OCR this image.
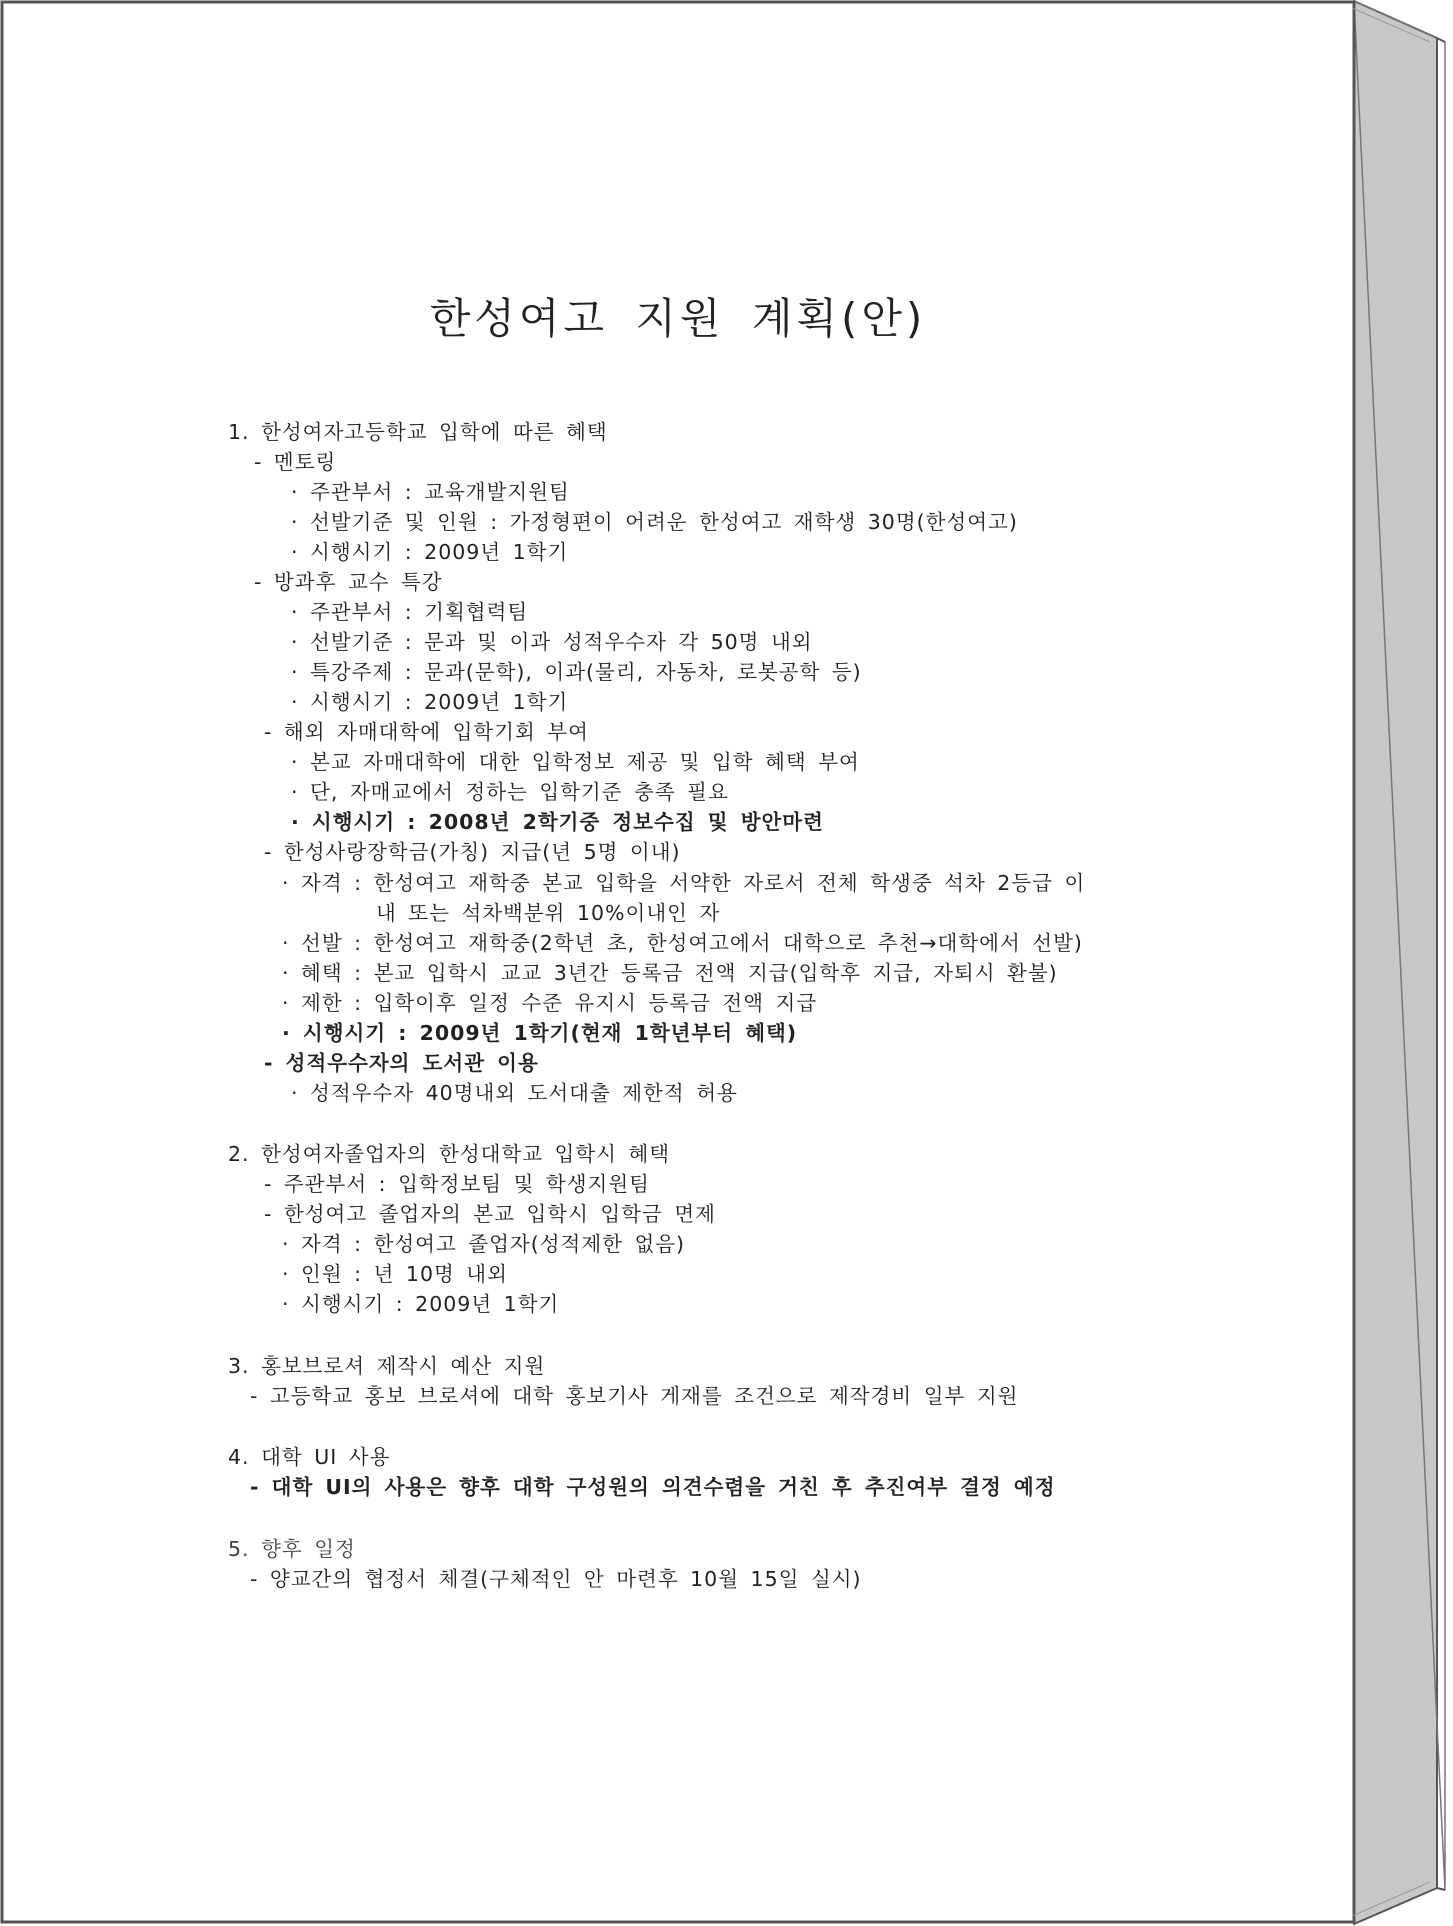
한성여고 지원 계획(안)
1. 한성여자고등학교 입학에 따른 혜택
- 멘토링
· 주관부서 : 교육개발지원팀
· 선발기준 및 인원 : 가정형편이 어려운 한성여고 재학생 30명(한성여고)
· 시행시기 : 2009년 1학기
- 방과후 교수 특강
· 주관부서 : 기획협력팀
· 선발기준 : 문과 및 이과 성적우수자 각 50명 내외
· 특강주제 : 문과(문학), 이과(물리, 자동차, 로봇공학 등)
· 시행시기 : 2009년 1학기
- 해외 자매대학에 입학기회 부여
· 본교 자매대학에 대한 입학정보 제공 및 입학 혜택 부여
· 단, 자매교에서 정하는 입학기준 충족 필요
· 시행시기 : 2008년 2학기중 정보수집 및 방안마련
- 한성사랑장학금(가칭) 지급(년 5명 이내)
· 자격 : 한성여고 재학중 본교 입학을 서약한 자로서 전체 학생중 석차 2등급 이
내 또는 석차백분위 10%이내인 자
· 선발 : 한성여고 재학중(2학년 초, 한성여고에서 대학으로 추천→대학에서 선발)
· 혜택 : 본교 입학시 교교 3년간 등록금 전액 지급(입학후 지급, 자퇴시 환불)
· 제한 : 입학이후 일정 수준 유지시 등록금 전액 지급
· 시행시기 : 2009년 1학기(현재 1학년부터 혜택)
- 성적우수자의 도서관 이용
· 성적우수자 40명내외 도서대출 제한적 허용
2. 한성여자졸업자의 한성대학교 입학시 혜택
- 주관부서 : 입학정보팀 및 학생지원팀
- 한성여고 졸업자의 본교 입학시 입학금 면제
· 자격 : 한성여고 졸업자(성적제한 없음)
· 인원 : 년 10명 내외
· 시행시기 : 2009년 1학기
3. 홍보브로셔 제작시 예산 지원
- 고등학교 홍보 브로셔에 대학 홍보기사 게재를 조건으로 제작경비 일부 지원
4. 대학 UI 사용
- 대학 UI의 사용은 향후 대학 구성원의 의견수렴을 거친 후 추진여부 결정 예정
5. 향후 일정
- 양교간의 협정서 체결(구체적인 안 마련후 10월 15일 실시)
